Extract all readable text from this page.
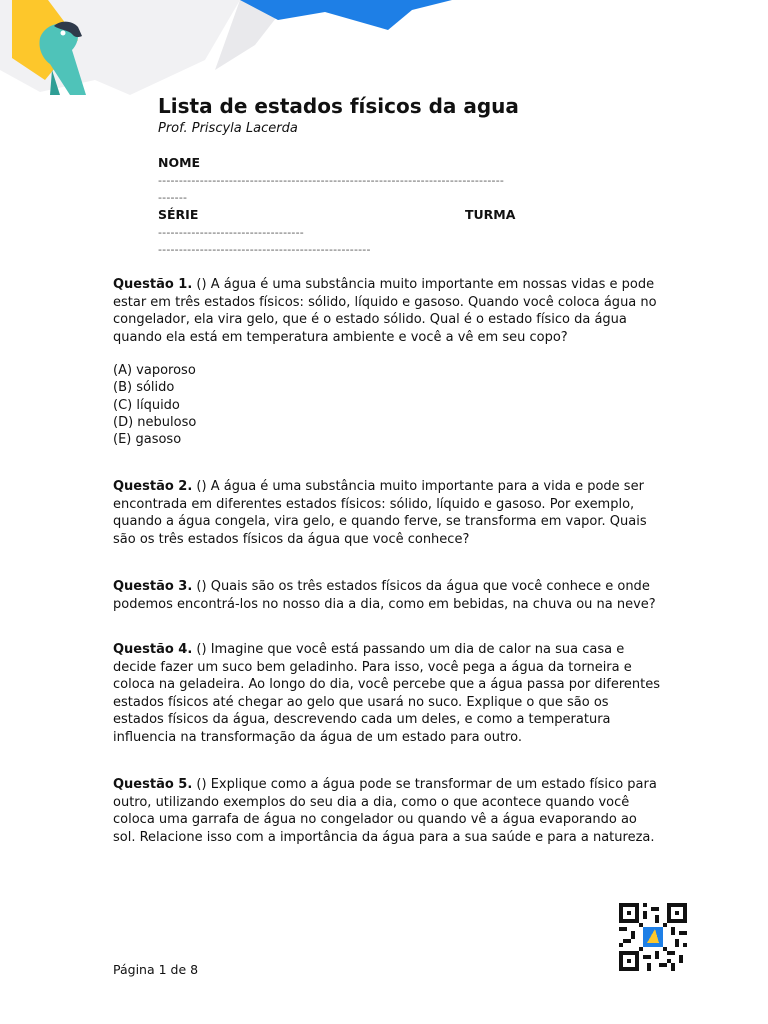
Lista de estados físicos da agua
Prof. Priscyla Lacerda
NOME
-----------------------------------------------------------------------------------
-------
SÉRIE	TURMA
-----------------------------------
---------------------------------------------------
Questão 1. () A água é uma substância muito importante em nossas vidas e pode estar em três estados físicos: sólido, líquido e gasoso. Quando você coloca água no congelador, ela vira gelo, que é o estado sólido. Qual é o estado físico da água quando ela está em temperatura ambiente e você a vê em seu copo?
(A) vaporoso
(B) sólido
(C) líquido
(D) nebuloso
(E) gasoso
Questão 2. () A água é uma substância muito importante para a vida e pode ser encontrada em diferentes estados físicos: sólido, líquido e gasoso. Por exemplo, quando a água congela, vira gelo, e quando ferve, se transforma em vapor. Quais são os três estados físicos da água que você conhece?
Questão 3. () Quais são os três estados físicos da água que você conhece e onde podemos encontrá-los no nosso dia a dia, como em bebidas, na chuva ou na neve?
Questão 4. () Imagine que você está passando um dia de calor na sua casa e decide fazer um suco bem geladinho. Para isso, você pega a água da torneira e coloca na geladeira. Ao longo do dia, você percebe que a água passa por diferentes estados físicos até chegar ao gelo que usará no suco. Explique o que são os estados físicos da água, descrevendo cada um deles, e como a temperatura influencia na transformação da água de um estado para outro.
Questão 5. () Explique como a água pode se transformar de um estado físico para outro, utilizando exemplos do seu dia a dia, como o que acontece quando você coloca uma garrafa de água no congelador ou quando vê a água evaporando ao sol. Relacione isso com a importância da água para a sua saúde e para a natureza.
Página 1 de 8
